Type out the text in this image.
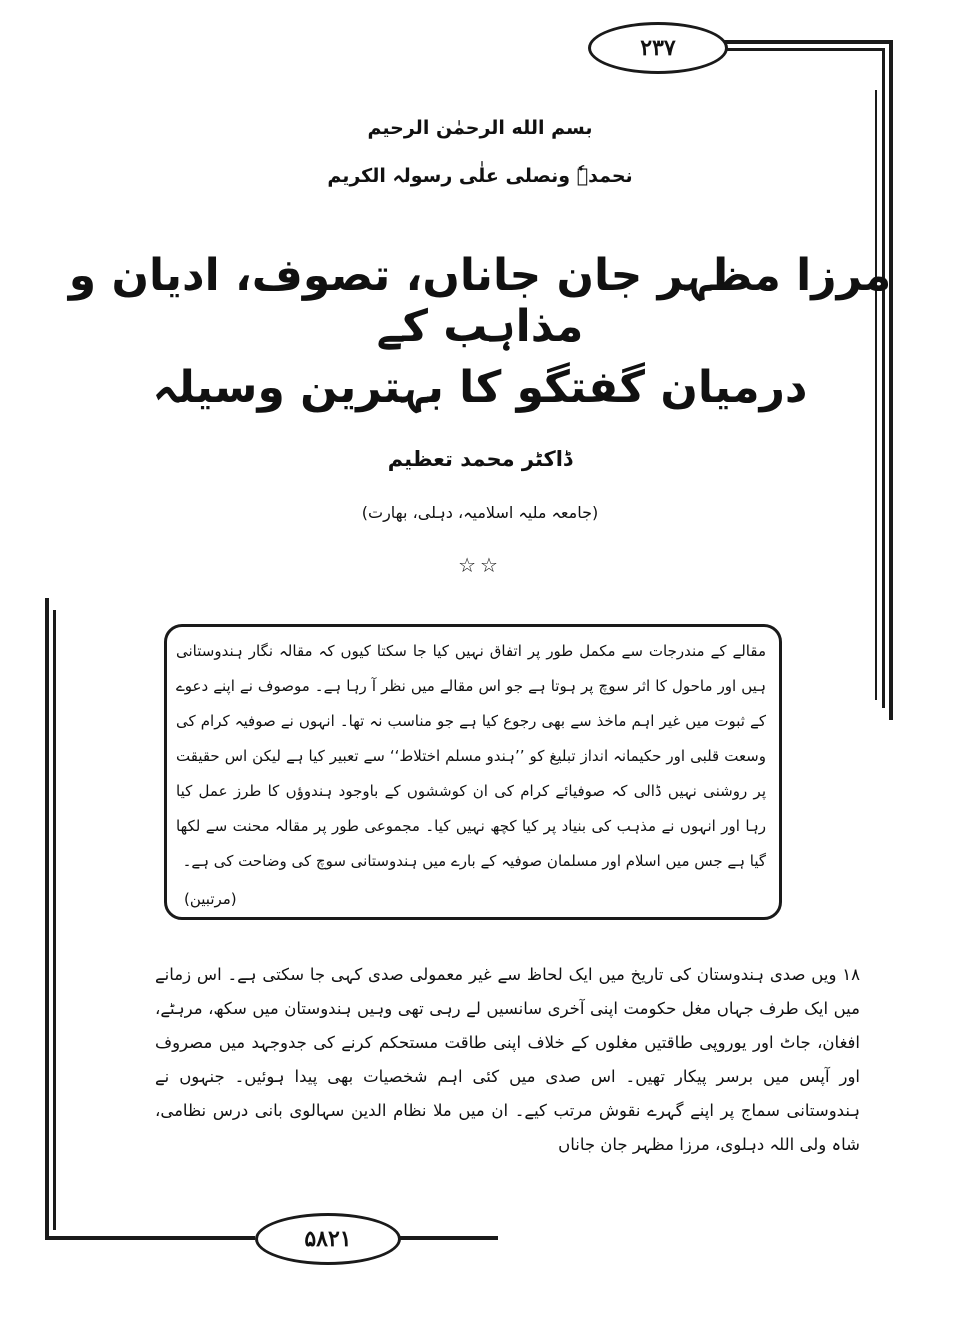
۲۳۷
بسم الله الرحمٰن الرحیم
نحمدہٗ ونصلی علٰی رسولہ الکریم
مرزا مظہر جان جاناں، تصوف، ادیان و مذاہب کے
درمیان گفتگو کا بہترین وسیلہ
ڈاکٹر محمد تعظیم
(جامعہ ملیہ اسلامیہ، دہلی، بھارت)
☆☆
مقالے کے مندرجات سے مکمل طور پر اتفاق نہیں کیا جا سکتا کیوں کہ مقالہ نگار ہندوستانی ہیں اور ماحول کا اثر سوچ پر ہوتا ہے جو اس مقالے میں نظر آ رہا ہے۔ موصوف نے اپنے دعوے کے ثبوت میں غیر اہم ماخذ سے بھی رجوع کیا ہے جو مناسب نہ تھا۔ انہوں نے صوفیہ کرام کی وسعت قلبی اور حکیمانہ انداز تبلیغ کو ’’ہندو مسلم اختلاط‘‘ سے تعبیر کیا ہے لیکن اس حقیقت پر روشنی نہیں ڈالی کہ صوفیائے کرام کی ان کوششوں کے باوجود ہندوؤں کا طرز عمل کیا رہا اور انہوں نے مذہب کی بنیاد پر کیا کچھ نہیں کیا۔ مجموعی طور پر مقالہ محنت سے لکھا گیا ہے جس میں اسلام اور مسلمان صوفیہ کے بارے میں ہندوستانی سوچ کی وضاحت کی ہے۔
(مرتبین)
۱۸ ویں صدی ہندوستان کی تاریخ میں ایک لحاظ سے غیر معمولی صدی کہی جا سکتی ہے۔ اس زمانے میں ایک طرف جہاں مغل حکومت اپنی آخری سانسیں لے رہی تھی وہیں ہندوستان میں سکھ، مرہٹے، افغان، جاٹ اور یوروپی طاقتیں مغلوں کے خلاف اپنی طاقت مستحکم کرنے کی جدوجہد میں مصروف اور آپس میں برسر پیکار تھیں۔ اس صدی میں کئی اہم شخصیات بھی پیدا ہوئیں۔ جنہوں نے ہندوستانی سماج پر اپنے گہرے نقوش مرتب کیے۔ ان میں ملا نظام الدین سہالوی بانی درس نظامی، شاہ ولی اللہ دہلوی، مرزا مظہر جان جاناں
۵۸۲۱
